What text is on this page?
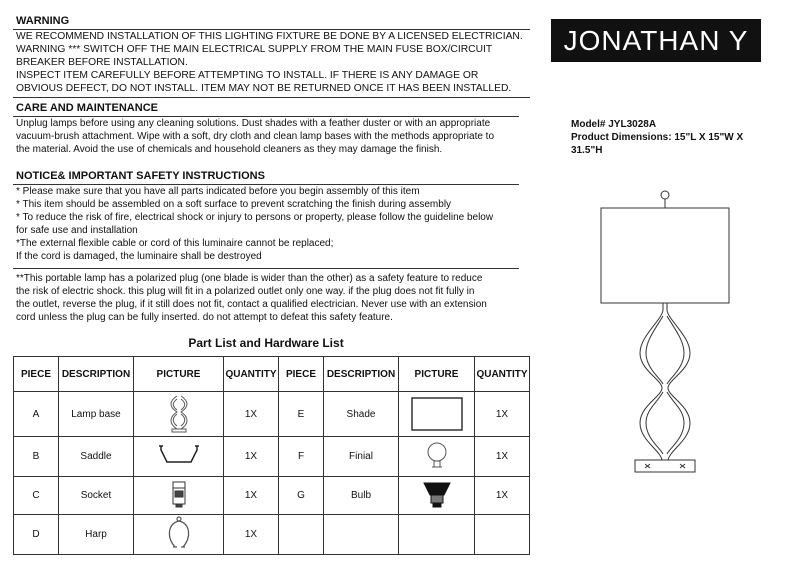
WARNING
WE RECOMMEND INSTALLATION OF THIS LIGHTING FIXTURE BE DONE BY A LICENSED ELECTRICIAN.
WARNING *** SWITCH OFF THE MAIN ELECTRICAL SUPPLY FROM THE MAIN FUSE BOX/CIRCUIT
BREAKER BEFORE INSTALLATION.
INSPECT ITEM CAREFULLY BEFORE ATTEMPTING TO INSTALL. IF THERE IS ANY DAMAGE OR
OBVIOUS DEFECT, DO NOT INSTALL. ITEM MAY NOT BE RETURNED ONCE IT HAS BEEN INSTALLED.
CARE AND MAINTENANCE
Unplug lamps before using any cleaning solutions. Dust shades with a feather duster or with an appropriate
vacuum-brush attachment. Wipe with a soft, dry cloth and clean lamp bases with the methods appropriate to
the material. Avoid the use of chemicals and household cleaners as they may damage the finish.
NOTICE& IMPORTANT SAFETY INSTRUCTIONS
* Please make sure that you have all parts indicated before you begin assembly of this item
* This item should be assembled on a soft surface to prevent scratching the finish during assembly
* To reduce the risk of fire, electrical shock or injury to persons or property, please follow the guideline below
for safe use and installation
*The external flexible cable or cord of this luminaire cannot be replaced;
If the cord is damaged, the luminaire shall be destroyed
**This portable lamp has a polarized plug (one blade is wider than the other) as a safety feature to reduce
the risk of electric shock. this plug will fit in a polarized outlet only one way. if the plug does not fit fully in
the outlet, reverse the plug, if it still does not fit, contact a qualified electrician. Never use with an extension
cord unless the plug can be fully inserted. do not attempt to defeat this safety feature.
JONATHAN Y
Model# JYL3028A
Product Dimensions: 15"L X 15"W X
31.5"H
Part List and Hardware List
PIECE	DESCRIPTION	PICTURE	QUANTITY	PIECE	DESCRIPTION	PICTURE	QUANTITY
A	Lamp base		1X	E	Shade		1X
B	Saddle		1X	F	Finial		1X
C	Socket		1X	G	Bulb		1X
D	Harp		1X				
